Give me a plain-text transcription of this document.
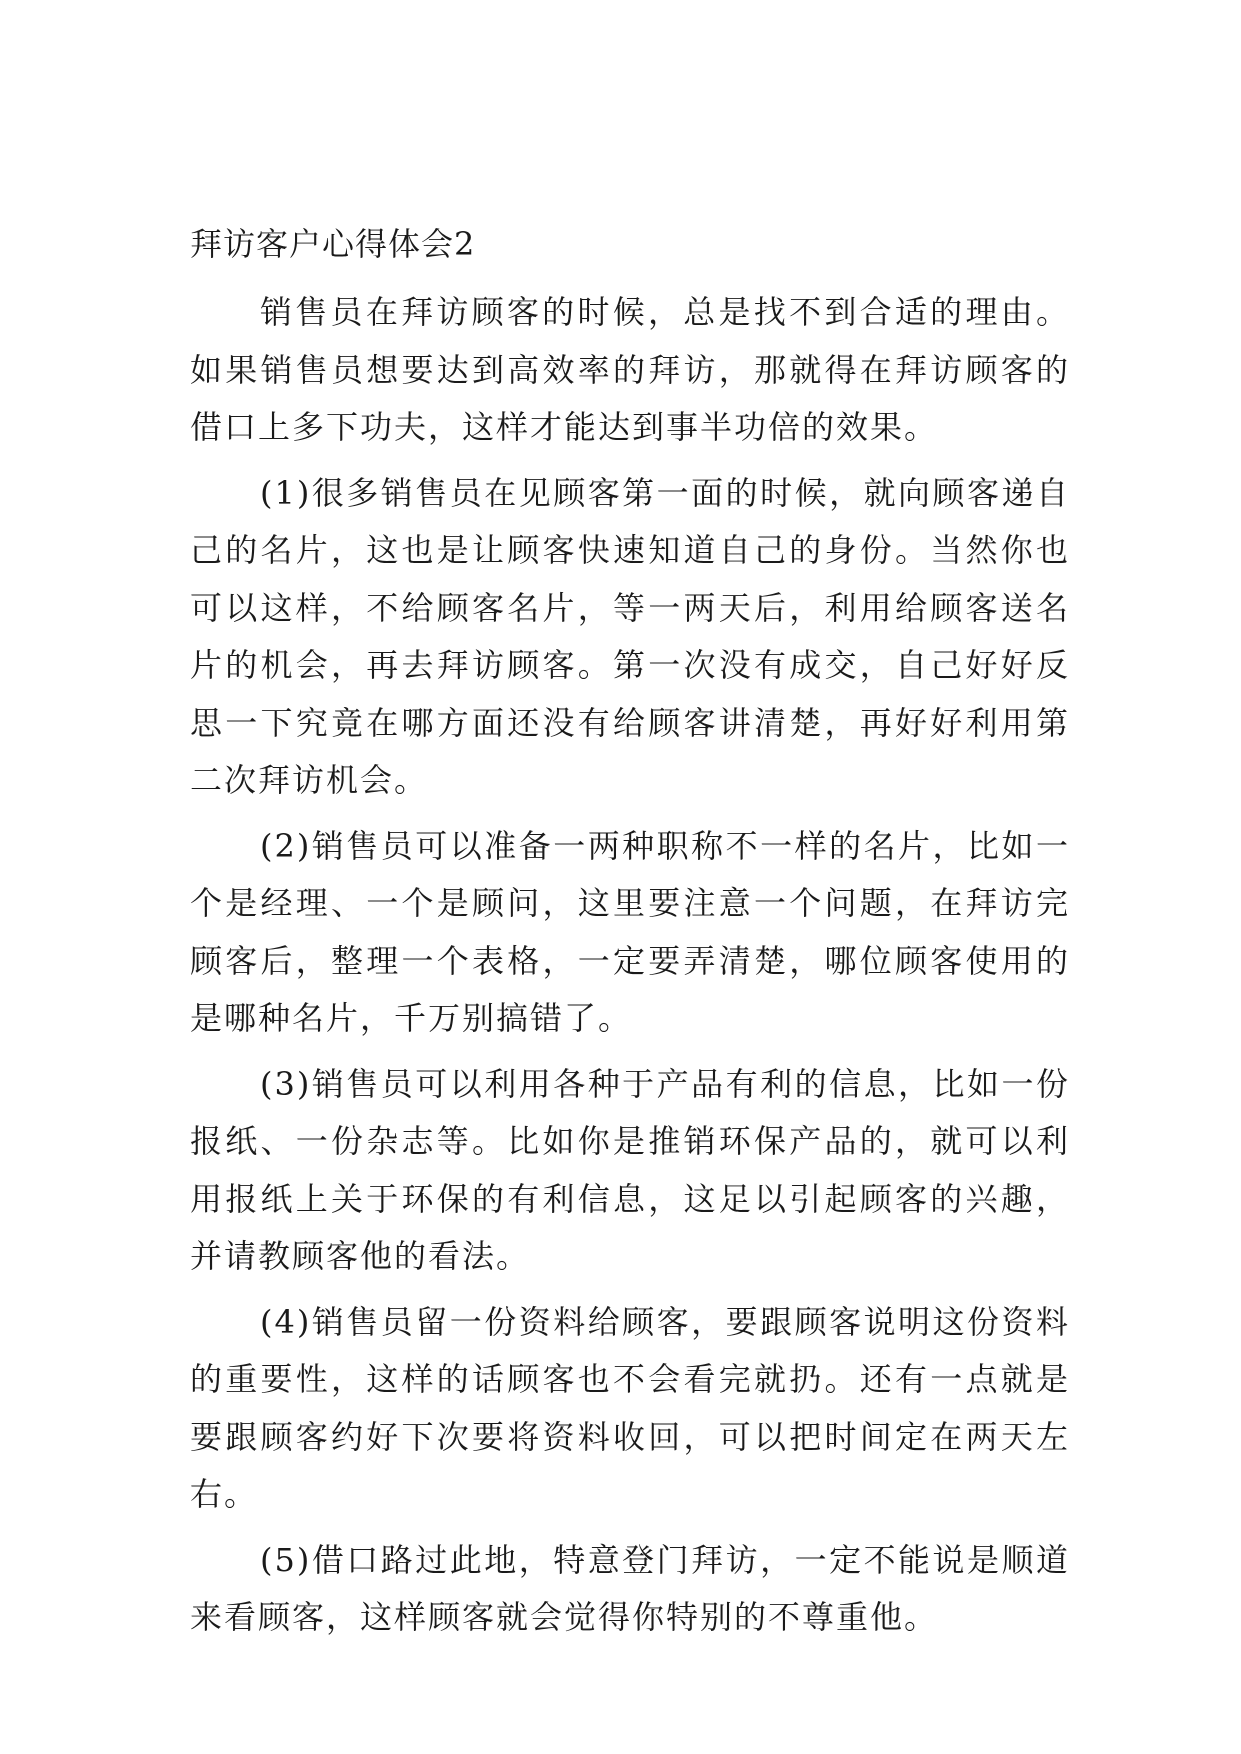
拜访客户心得体会2

销售员在拜访顾客的时候，总是找不到合适的理由。如果销售员想要达到高效率的拜访，那就得在拜访顾客的借口上多下功夫，这样才能达到事半功倍的效果。

(1)很多销售员在见顾客第一面的时候，就向顾客递自己的名片，这也是让顾客快速知道自己的身份。当然你也可以这样，不给顾客名片，等一两天后，利用给顾客送名片的机会，再去拜访顾客。第一次没有成交，自己好好反思一下究竟在哪方面还没有给顾客讲清楚，再好好利用第二次拜访机会。

(2)销售员可以准备一两种职称不一样的名片，比如一个是经理、一个是顾问，这里要注意一个问题，在拜访完顾客后，整理一个表格，一定要弄清楚，哪位顾客使用的是哪种名片，千万别搞错了。

(3)销售员可以利用各种于产品有利的信息，比如一份报纸、一份杂志等。比如你是推销环保产品的，就可以利用报纸上关于环保的有利信息，这足以引起顾客的兴趣，并请教顾客他的看法。

(4)销售员留一份资料给顾客，要跟顾客说明这份资料的重要性，这样的话顾客也不会看完就扔。还有一点就是要跟顾客约好下次要将资料收回，可以把时间定在两天左右。

(5)借口路过此地，特意登门拜访，一定不能说是顺道来看顾客，这样顾客就会觉得你特别的不尊重他。
